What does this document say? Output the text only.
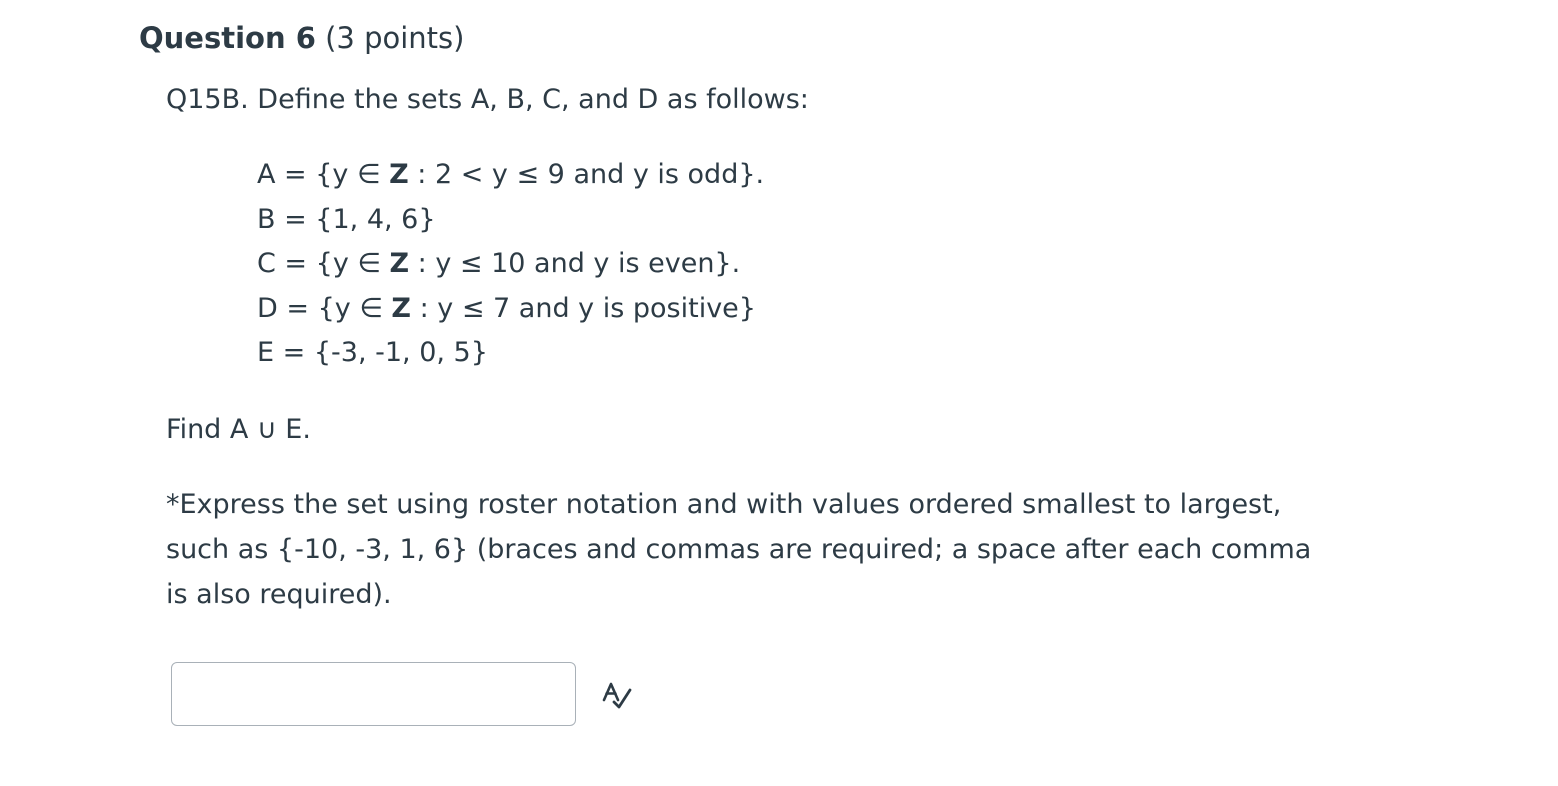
Question 6 (3 points)
Q15B. Define the sets A, B, C, and D as follows:
A = {y ∈ Z : 2 < y ≤ 9 and y is odd}.
B = {1, 4, 6}
C = {y ∈ Z : y ≤ 10 and y is even}.
D = {y ∈ Z : y ≤ 7 and y is positive}
E = {-3, -1, 0, 5}
Find A ∪ E.
*Express the set using roster notation and with values ordered smallest to largest, such as {-10, -3, 1, 6} (braces and commas are required; a space after each comma is also required).
